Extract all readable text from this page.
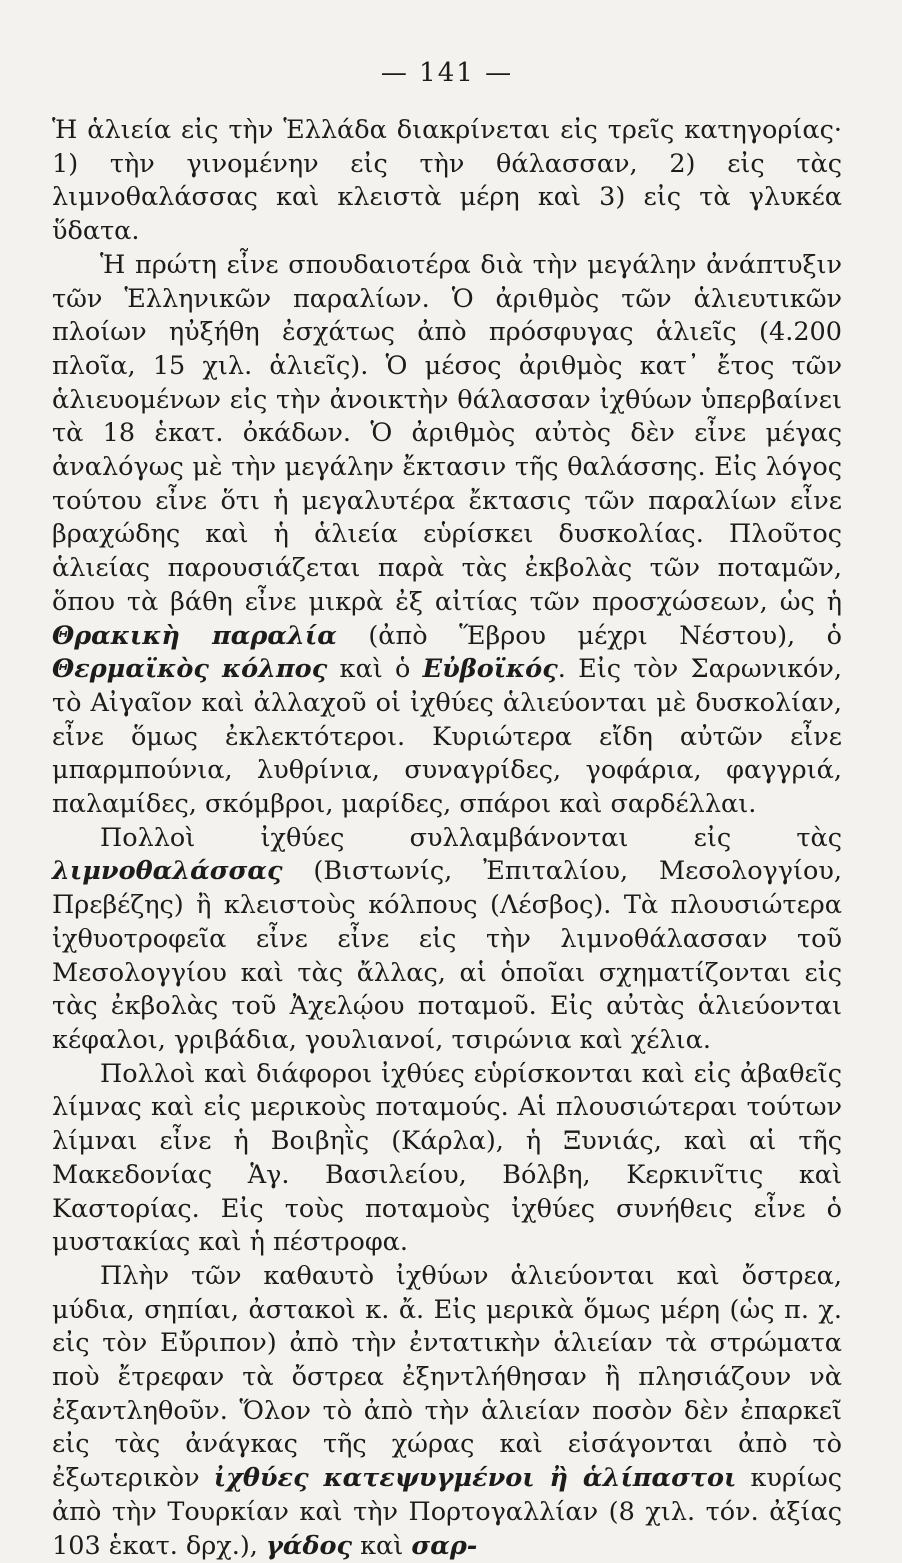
— 141 —

Ἡ ἁλιεία εἰς τὴν Ἑλλάδα διακρίνεται εἰς τρεῖς κατηγορίας· 1) τὴν γινομένην εἰς τὴν θάλασσαν, 2) εἰς τὰς λιμνοθαλάσσας καὶ κλειστὰ μέρη καὶ 3) εἰς τὰ γλυκέα ὕδατα.

Ἡ πρώτη εἶνε σπουδαιοτέρα διὰ τὴν μεγάλην ἀνάπτυξιν τῶν Ἑλληνικῶν παραλίων. Ὁ ἀριθμὸς τῶν ἁλιευτικῶν πλοίων ηὐξήθη ἐσχάτως ἀπὸ πρόσφυγας ἁλιεῖς (4.200 πλοῖα, 15 χιλ. ἁλιεῖς). Ὁ μέσος ἀριθμὸς κατ᾽ ἔτος τῶν ἁλιευομένων εἰς τὴν ἀνοικτὴν θάλασσαν ἰχθύων ὑπερβαίνει τὰ 18 ἑκατ. ὀκάδων. Ὁ ἀριθμὸς αὐτὸς δὲν εἶνε μέγας ἀναλόγως μὲ τὴν μεγάλην ἔκτασιν τῆς θαλάσσης. Εἰς λόγος τούτου εἶνε ὅτι ἡ μεγαλυτέρα ἔκτασις τῶν παραλίων εἶνε βραχώδης καὶ ἡ ἁλιεία εὑρίσκει δυσκολίας. Πλοῦτος ἁλιείας παρουσιάζεται παρὰ τὰς ἐκβολὰς τῶν ποταμῶν, ὅπου τὰ βάθη εἶνε μικρὰ ἐξ αἰτίας τῶν προσχώσεων, ὡς ἡ Θρακικὴ παραλία (ἀπὸ Ἕβρου μέχρι Νέστου), ὁ Θερμαϊκὸς κόλπος καὶ ὁ Εὐβοϊκός. Εἰς τὸν Σαρωνικόν, τὸ Αἰγαῖον καὶ ἀλλαχοῦ οἱ ἰχθύες ἁλιεύονται μὲ δυσκολίαν, εἶνε ὅμως ἐκλεκτότεροι. Κυριώτερα εἴδη αὐτῶν εἶνε μπαρμπούνια, λυθρίνια, συναγρίδες, γοφάρια, φαγγριά, παλαμίδες, σκόμβροι, μαρίδες, σπάροι καὶ σαρδέλλαι.

Πολλοὶ ἰχθύες συλλαμβάνονται εἰς τὰς λιμνοθαλάσσας (Βιστωνίς, Ἐπιταλίου, Μεσολογγίου, Πρεβέζης) ἢ κλειστοὺς κόλπους (Λέσβος). Τὰ πλουσιώτερα ἰχθυοτροφεῖα εἶνε εἶνε εἰς τὴν λιμνοθάλασσαν τοῦ Μεσολογγίου καὶ τὰς ἄλλας, αἱ ὁποῖαι σχηματίζονται εἰς τὰς ἐκβολὰς τοῦ Ἀχελῴου ποταμοῦ. Εἰς αὐτὰς ἁλιεύονται κέφαλοι, γριβάδια, γουλιανοί, τσιρώνια καὶ χέλια.

Πολλοὶ καὶ διάφοροι ἰχθύες εὑρίσκονται καὶ εἰς ἀβαθεῖς λίμνας καὶ εἰς μερικοὺς ποταμούς. Αἱ πλουσιώτεραι τούτων λίμναι εἶνε ἡ Βοιβηῒς (Κάρλα), ἡ Ξυνιάς, καὶ αἱ τῆς Μακεδονίας Ἁγ. Βασιλείου, Βόλβη, Κερκινῖτις καὶ Καστορίας. Εἰς τοὺς ποταμοὺς ἰχθύες συνήθεις εἶνε ὁ μυστακίας καὶ ἡ πέστροφα.

Πλὴν τῶν καθαυτὸ ἰχθύων ἁλιεύονται καὶ ὄστρεα, μύδια, σηπίαι, ἀστακοὶ κ. ἄ. Εἰς μερικὰ ὅμως μέρη (ὡς π. χ. εἰς τὸν Εὔριπον) ἀπὸ τὴν ἐντατικὴν ἁλιείαν τὰ στρώματα ποὺ ἔτρεφαν τὰ ὄστρεα ἐξηντλήθησαν ἢ πλησιάζουν νὰ ἐξαντληθοῦν. Ὅλον τὸ ἀπὸ τὴν ἁλιείαν ποσὸν δὲν ἐπαρκεῖ εἰς τὰς ἀνάγκας τῆς χώρας καὶ εἰσάγονται ἀπὸ τὸ ἐξωτερικὸν ἰχθύες κατεψυγμένοι ἢ ἁλίπαστοι κυρίως ἀπὸ τὴν Τουρκίαν καὶ τὴν Πορτογαλλίαν (8 χιλ. τόν. ἀξίας 103 ἑκατ. δρχ.), γάδος καὶ σαρ-
